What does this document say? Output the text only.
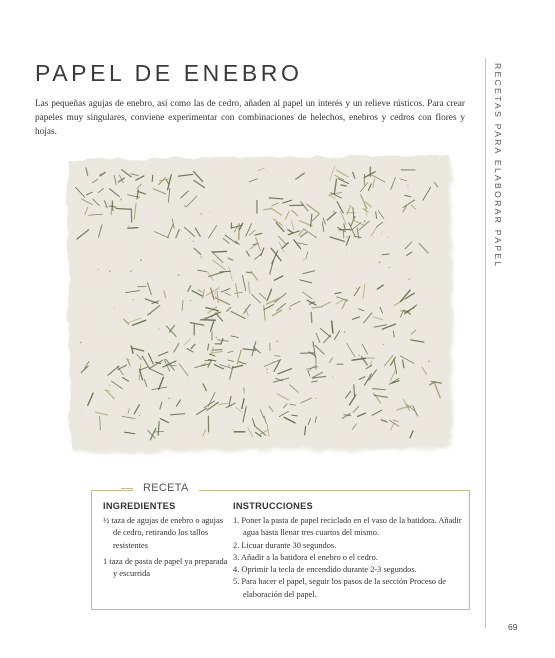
PAPEL DE ENEBRO

Las pequeñas agujas de enebro, así como las de cedro, añaden al papel un interés y un relieve rústicos. Para crear papeles muy singulares, conviene experimentar con combinaciones de helechos, enebros y cedros con flores y hojas.	RECETAS PARA ELABORAR PAPEL
RECETA
INGREDIENTES
½ taza de agujas de enebro o agujas de cedro, retirando los tallos resistentes
1 taza de pasta de papel ya preparada y escurrida
INSTRUCCIONES
1. Poner la pasta de papel reciclado en el vaso de la batidora. Añadir agua hasta llenar tres cuartos del mismo.
2. Licuar durante 30 segundos.
3. Añadir a la batidora el enebro o el cedro.
4. Oprimir la tecla de encendido durante 2-3 segundos.
5. Para hacer el papel, seguir los pasos de la sección Proceso de elaboración del papel.
69
